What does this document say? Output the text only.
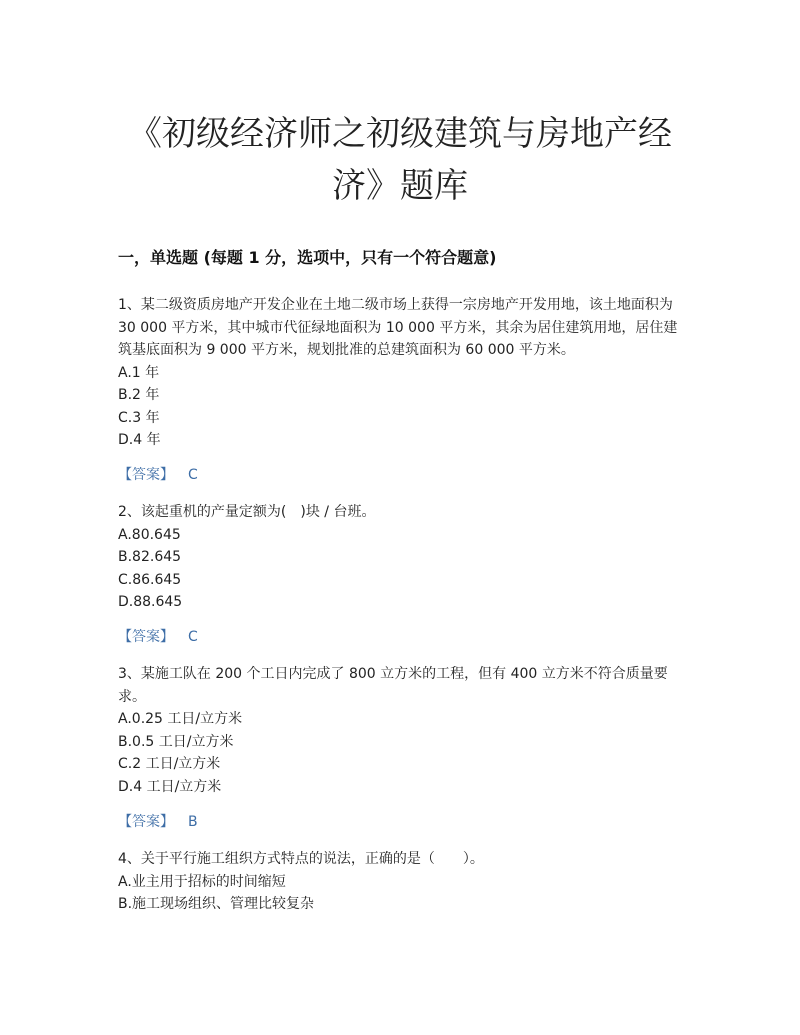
《初级经济师之初级建筑与房地产经
济》题库
一，单选题 (每题 1 分，选项中，只有一个符合题意)
1、某二级资质房地产开发企业在土地二级市场上获得一宗房地产开发用地，该土地面积为 30 000 平方米，其中城市代征绿地面积为 10 000 平方米，其余为居住建筑用地，居住建筑基底面积为 9 000 平方米，规划批准的总建筑面积为 60 000 平方米。
A.1 年
B.2 年
C.3 年
D.4 年
【答案】 C
2、该起重机的产量定额为(　)块 / 台班。
A.80.645
B.82.645
C.86.645
D.88.645
【答案】 C
3、某施工队在 200 个工日内完成了 800 立方米的工程，但有 400 立方米不符合质量要求。
A.0.25 工日/立方米
B.0.5 工日/立方米
C.2 工日/立方米
D.4 工日/立方米
【答案】 B
4、关于平行施工组织方式特点的说法，正确的是（　　）。
A.业主用于招标的时间缩短
B.施工现场组织、管理比较复杂
